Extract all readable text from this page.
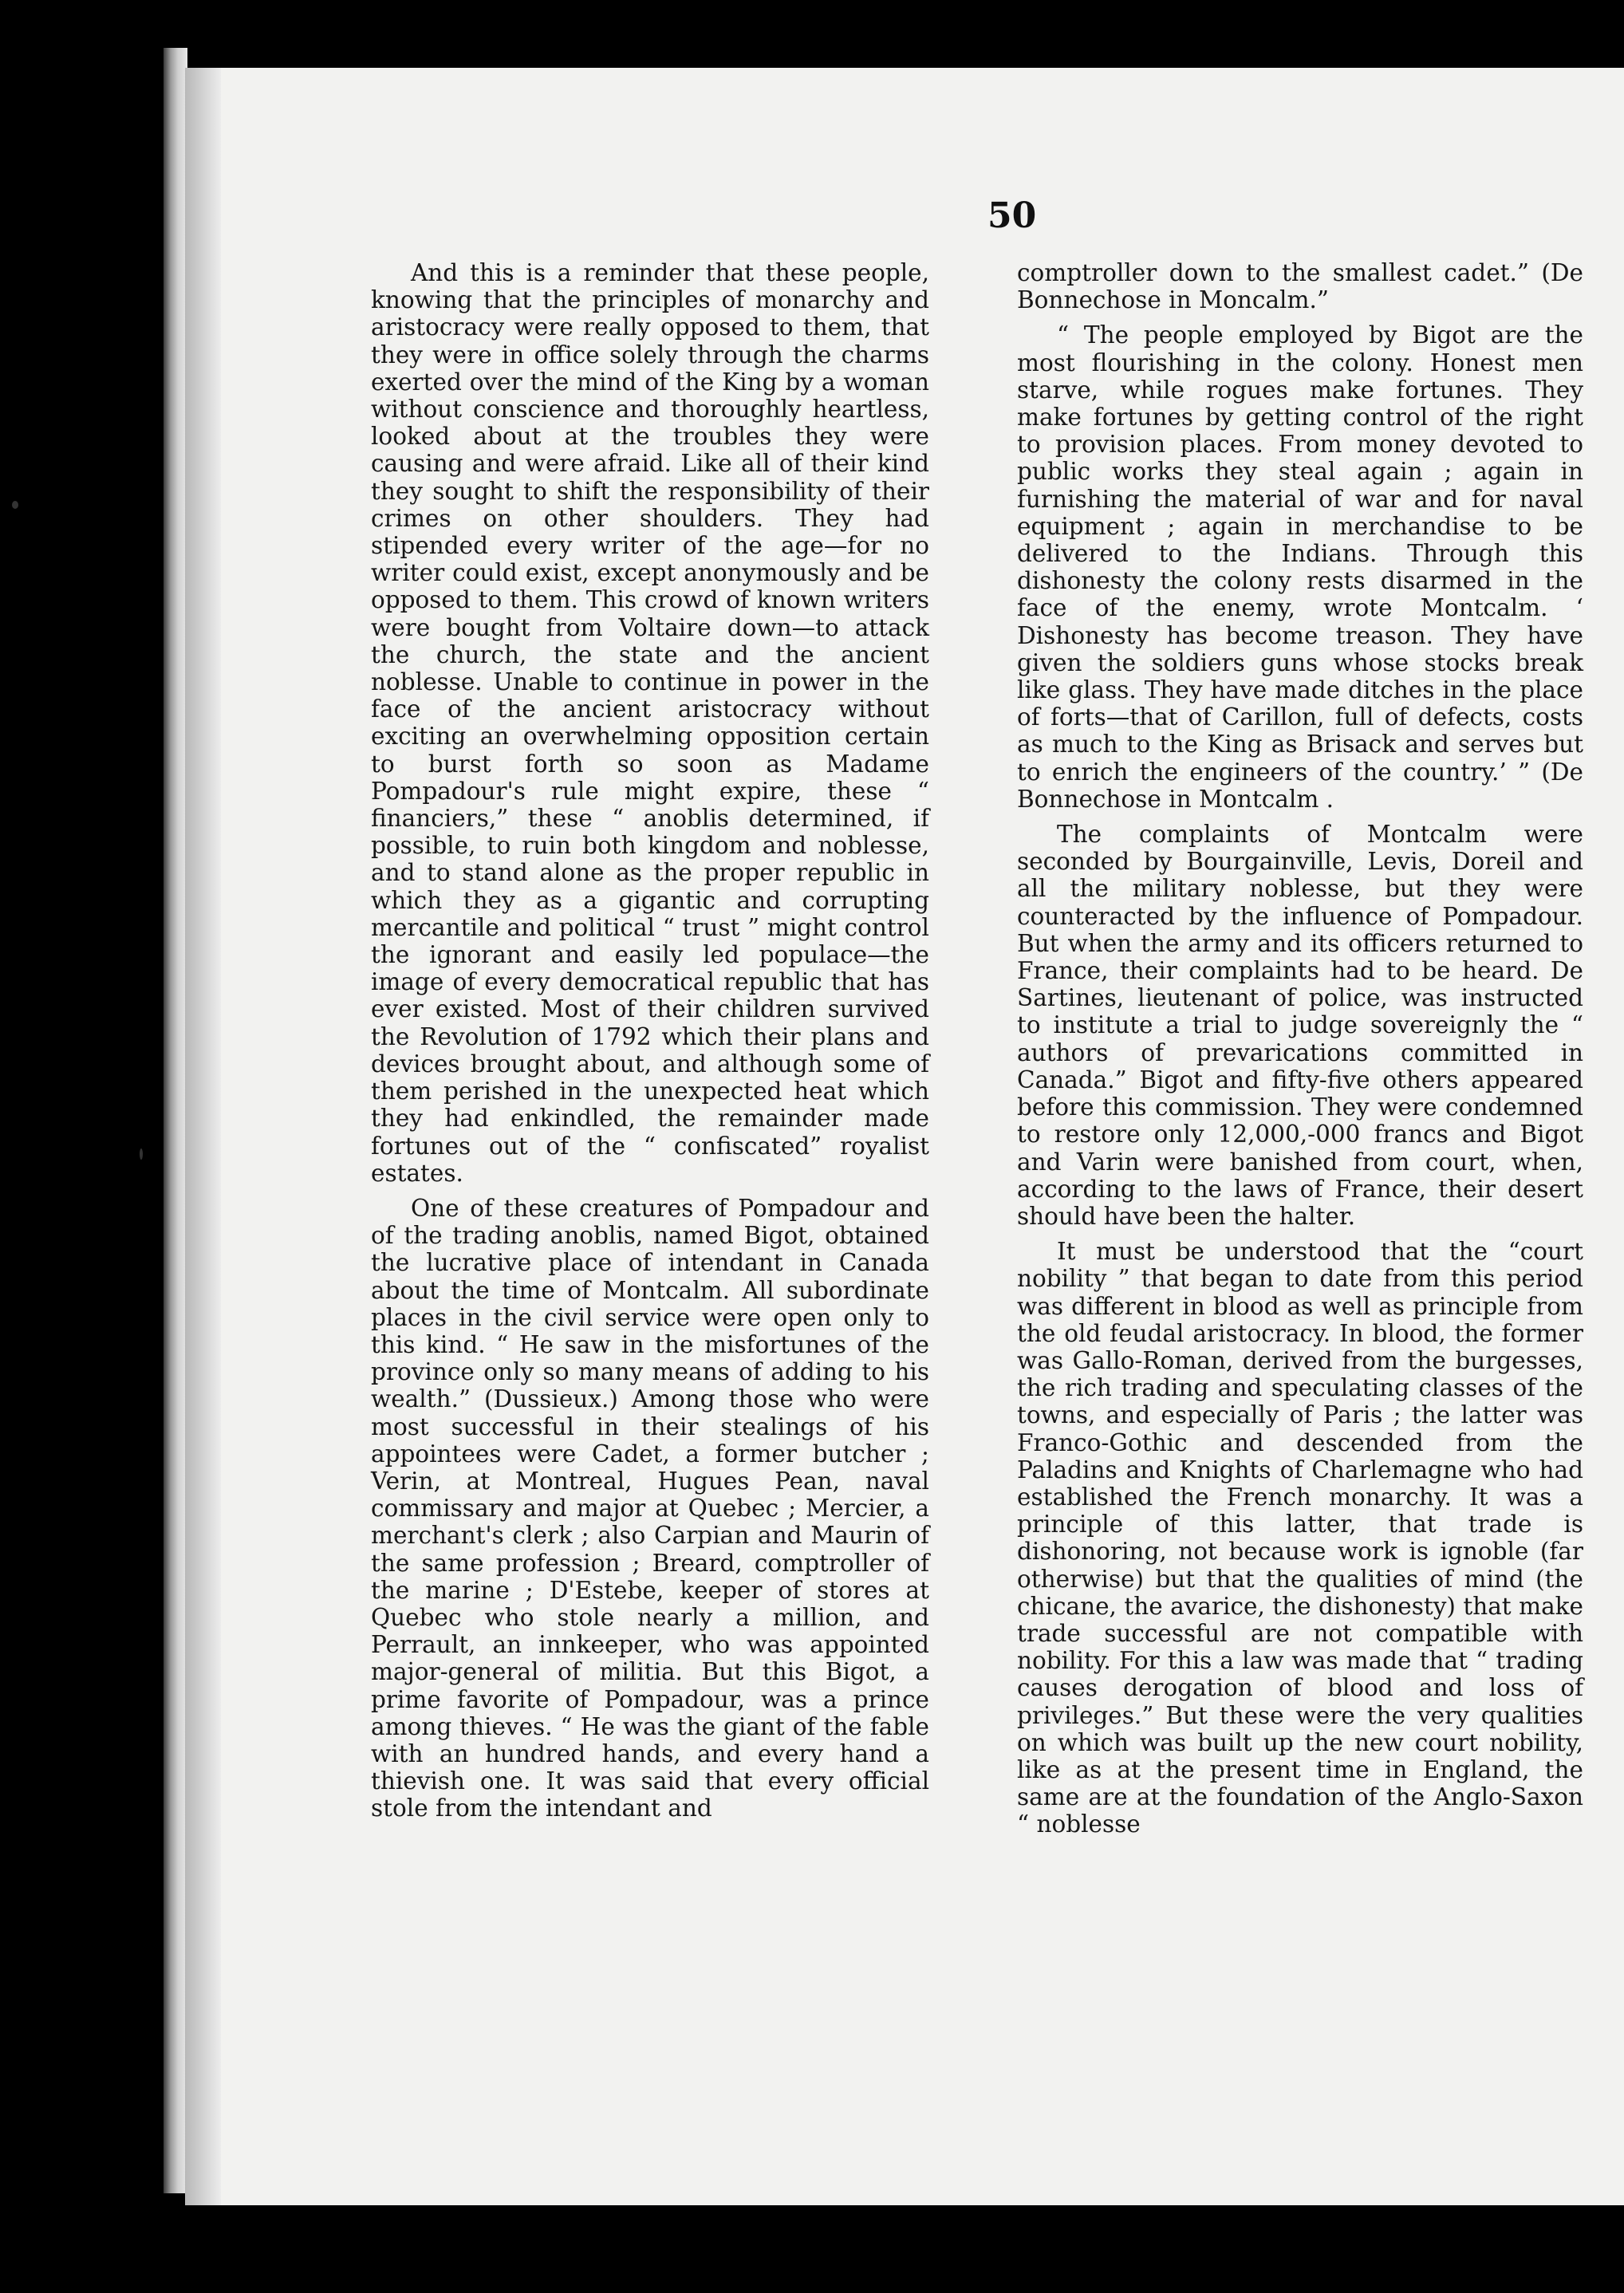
50

And this is a reminder that these people, knowing that the principles of monarchy and aristocracy were really opposed to them, that they were in office solely through the charms exerted over the mind of the King by a woman without conscience and thoroughly heartless, looked about at the troubles they were causing and were afraid. Like all of their kind they sought to shift the responsibility of their crimes on other shoulders. They had stipended every writer of the age—for no writer could exist, except anonymously and be opposed to them. This crowd of known writers were bought from Voltaire down—to attack the church, the state and the ancient noblesse. Unable to continue in power in the face of the ancient aristocracy without exciting an overwhelming opposition certain to burst forth so soon as Madame Pompadour's rule might expire, these “ financiers,” these “ anoblis determined, if possible, to ruin both kingdom and noblesse, and to stand alone as the proper republic in which they as a gigantic and corrupting mercantile and political “ trust ” might control the ignorant and easily led populace—the image of every democratical republic that has ever existed. Most of their children survived the Revolution of 1792 which their plans and devices brought about, and although some of them perished in the unexpected heat which they had enkindled, the remainder made fortunes out of the “ confiscated” royalist estates.

One of these creatures of Pompadour and of the trading anoblis, named Bigot, obtained the lucrative place of intendant in Canada about the time of Montcalm. All subordinate places in the civil service were open only to this kind. “ He saw in the misfortunes of the province only so many means of adding to his wealth.” (Dussieux.) Among those who were most successful in their stealings of his appointees were Cadet, a former butcher ; Verin, at Montreal, Hugues Pean, naval commissary and major at Quebec ; Mercier, a merchant's clerk ; also Carpian and Maurin of the same profession ; Breard, comptroller of the marine ; D'Estebe, keeper of stores at Quebec who stole nearly a million, and Perrault, an innkeeper, who was appointed major-general of militia. But this Bigot, a prime favorite of Pompadour, was a prince among thieves. “ He was the giant of the fable with an hundred hands, and every hand a thievish one. It was said that every official stole from the intendant and

comptroller down to the smallest cadet.” (De Bonnechose in Moncalm.”

“ The people employed by Bigot are the most flourishing in the colony. Honest men starve, while rogues make fortunes. They make fortunes by getting control of the right to provision places. From money devoted to public works they steal again ; again in furnishing the material of war and for naval equipment ; again in merchandise to be delivered to the Indians. Through this dishonesty the colony rests disarmed in the face of the enemy, wrote Montcalm. ‘ Dishonesty has become treason. They have given the soldiers guns whose stocks break like glass. They have made ditches in the place of forts—that of Carillon, full of defects, costs as much to the King as Brisack and serves but to enrich the engineers of the country.’ ” (De Bonnechose in Montcalm .

The complaints of Montcalm were seconded by Bourgainville, Levis, Doreil and all the military noblesse, but they were counteracted by the influence of Pompadour. But when the army and its officers returned to France, their complaints had to be heard. De Sartines, lieutenant of police, was instructed to institute a trial to judge sovereignly the “ authors of prevarications committed in Canada.” Bigot and fifty-five others appeared before this commission. They were condemned to restore only 12,000,-000 francs and Bigot and Varin were banished from court, when, according to the laws of France, their desert should have been the halter.

It must be understood that the “court nobility ” that began to date from this period was different in blood as well as principle from the old feudal aristocracy. In blood, the former was Gallo-Roman, derived from the burgesses, the rich trading and speculating classes of the towns, and especially of Paris ; the latter was Franco-Gothic and descended from the Paladins and Knights of Charlemagne who had established the French monarchy. It was a principle of this latter, that trade is dishonoring, not because work is ignoble (far otherwise) but that the qualities of mind (the chicane, the avarice, the dishonesty) that make trade successful are not compatible with nobility. For this a law was made that “ trading causes derogation of blood and loss of privileges.” But these were the very qualities on which was built up the new court nobility, like as at the present time in England, the same are at the foundation of the Anglo-Saxon “ noblesse
